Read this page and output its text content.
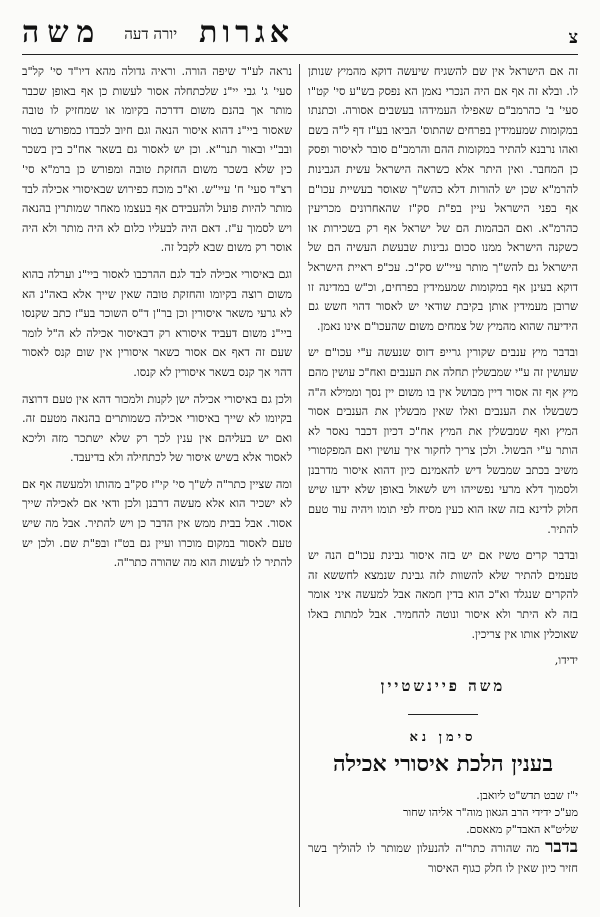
צ
אגרות
יורה דעה
משה

זה אם הישראל אין שם להשגיח שיעשה דוקא מהמיץ שנותן לו. ובלא זה אף אם היה הנכרי נאמן הא נפסק בש"ע סי' קט"ו סעי' ב' כהרמב"ם שאפילו העמידהו בעשבים אסורה. וכתנתו במקומות שמעמידין בפרחים שהתוס' הביאו בע"ז דף ל"ה בשם ואהו נרבנא להתיר במקומות ההם והרמב"ם סובר לאיסור ופסק כן המחבר. ואין היתר אלא כשראה הישראל עשית הגבינות להרמ"א שכן יש להורות דלא כהש"ך שאוסר בעשיית עכו"ם אף בפני הישראל עיין בפ"ת סק"ז שהאחרונים מכריעין כהרמ"א. ואם הבהמות הם של ישראל אף רק בשכירות או כשקנה הישראל ממנו סכום גבינות שבעשת העשיה הם של הישראל גם להש"ך מותר עיי"ש סק"כ. עכ"פ ראיית הישראל דוקא בעינן אף במקומות שמעמידין בפרחים, וכ"ש במדינה זו שרובן מעמידין אותן בקיבת שודאי יש לאסור דהוי חשש גם הידיעה שהוא מהמיץ של צמחים משום שהעכו"ם אינו נאמן.

ובדבר מיץ ענבים שקורין גרייפ דזוס שנעשה ע"י עכו"ם יש שעושין זה ע"י שמבשלין תחלה את הענבים ואח"כ עושין מהם מיץ אף זה אסור דיין מבושל אין בו משום יין נסך וממילא ה"ה כשבשלו את הענבים ואלו שאין מבשלין את הענבים אסור המיץ ואף שמבשלין את המיץ אח"כ דכיון דכבר נאסר לא הותר ע"י הבשול. ולכן צריך לחקור איך עושין ואם המפקטורי משיב בכתב שמבשל דיש להאמינם כיון דהוא איסור מדרבנן ולסמוך דלא מרעי נפשייהו ויש לשאול באופן שלא ידעו שיש חלוק לדינא בזה שאז הוא כעין מסיח לפי תומו ויהיה עוד טעם להתיר.

ובדבר קרים טשיז אם יש בזה איסור גבינת עכו"ם הנה יש טעמים להתיר שלא להשוות לזה גבינת שנמצא לחששא זה להקרים שנגלד וא"כ הוא בדין חמאה אבל למעשה איני אומר בזה לא היתר ולא איסור ונוטה להחמיר. אבל למתות באלו שאוכלין אותו אין צריכין.

ידידו,

משה פיינשטיין
סימן נא
בענין הלכת איסורי אכילה

י"ז שבט תדש"ט ליואבן.

מע"כ ידידי הרב הגאון מוה"ר אליהו שחור

שליט"א האבד"ק מאאסם.

בדבר מה שהורה כתר"ה להנעלון שמותר לו להוליך בשר חזיר כיון שאין לו חלק כגוף האיסור

נראה לע"ד שיפה הורה. וראיה גדולה מהא דיו"ד סי' קל"ב סעי' ג' גבי יי"נ שלכתחלה אסור לעשות כן אף באופן שכבר מותר אך בהנם משום דדרכה בקיומו או שמחזיק לו טובה שאסור ביי"נ דהוא איסור הנאה וגם חיוב לכבדו כמפורש בטור ובב"י ובאור תנר"א. וכן יש לאסור גם בשאר אח"כ בין בשכר כין שלא בשכר משום החזקת טובה ומפורש כן ברמ"א סי' רצ"ד סעי' ח' עיי"ש. וא"כ מוכח כפירוש שבאיסורי אכילה לבד מותר להיות פועל ולהעבידם אף בעצמו מאחר שמותרין בהנאה ויש לסמוך ע"ז. דאם היה לבעליו כלום לא היה מותר ולא היה אוסר רק משום שבא לקבל זה.

וגם באיסורי אכילה לבד לגם ההרכבו לאסור ביי"נ וערלה בהוא משום רוצה בקיומו והחזקת טובה שאין שייך אלא באה"נ הא לא גרעי משאר איסורין וכן בר"ן ד"ס השוכר בע"ז כתב שקנסו ביי"נ משום דעביד איסורא רק דבאיסור אכילה לא ה"ל לומר שעם זה דאף אם אסור כשאר איסורין אין שום קנס לאסור דהוי אך קנס בשאר איסורין לא קנסו.

ולכן גם באיסורי אכילה ישן לקנות ולמכור דהא אין טעם דרוצה בקיומו לא שייך באיסורי אכילה כשמותרים בהנאה מטעם זה. ואם יש בעליהם אין ענין לכך רק שלא ישתכר מזה וליכא לאסור אלא בשיש איסור של לכתחילה ולא בדיעבד.

ומה שציין כתר"ה לש"ך סי' קי"ז סק"ב מהותו ולמעשה אף אם לא ישכיר הוא אלא מעשה דרבנן ולכן ודאי אם לאכילה שייך אסור. אבל בבית ממש אין הדבר כן ויש להתיר. אבל מה שיש טעם לאסור במקום מוכרו ועיין גם בט"ז ובפ"ת שם. ולכן יש להתיר לו לעשות הוא מה שהורה כתר"ה.
